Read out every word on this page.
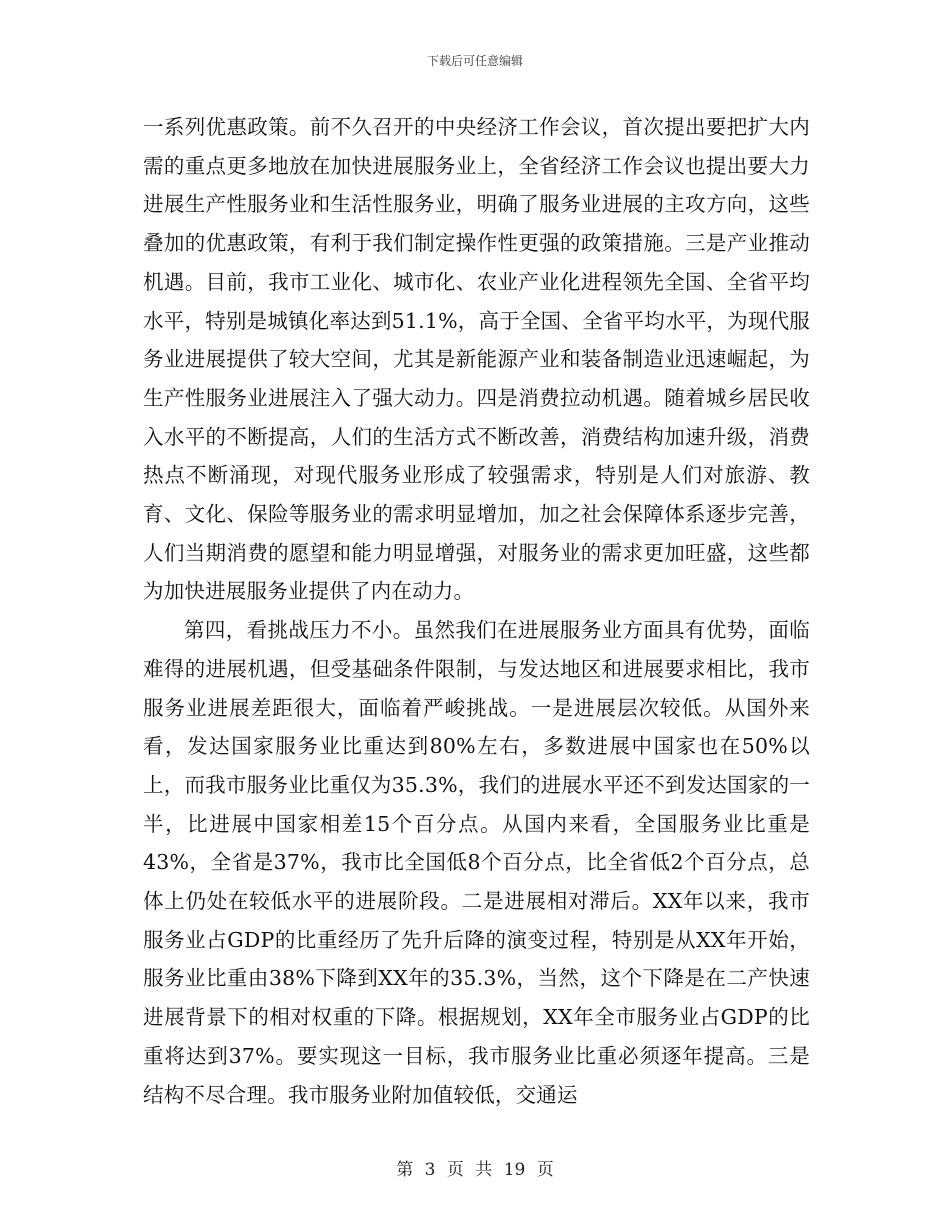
下载后可任意编辑

一系列优惠政策。前不久召开的中央经济工作会议，首次提出要把扩大内需的重点更多地放在加快进展服务业上，全省经济工作会议也提出要大力进展生产性服务业和生活性服务业，明确了服务业进展的主攻方向，这些叠加的优惠政策，有利于我们制定操作性更强的政策措施。三是产业推动机遇。目前，我市工业化、城市化、农业产业化进程领先全国、全省平均水平，特别是城镇化率达到51.1%，高于全国、全省平均水平，为现代服务业进展提供了较大空间，尤其是新能源产业和装备制造业迅速崛起，为生产性服务业进展注入了强大动力。四是消费拉动机遇。随着城乡居民收入水平的不断提高，人们的生活方式不断改善，消费结构加速升级，消费热点不断涌现，对现代服务业形成了较强需求，特别是人们对旅游、教育、文化、保险等服务业的需求明显增加，加之社会保障体系逐步完善，人们当期消费的愿望和能力明显增强，对服务业的需求更加旺盛，这些都为加快进展服务业提供了内在动力。

第四，看挑战压力不小。虽然我们在进展服务业方面具有优势，面临难得的进展机遇，但受基础条件限制，与发达地区和进展要求相比，我市服务业进展差距很大，面临着严峻挑战。一是进展层次较低。从国外来看，发达国家服务业比重达到80%左右，多数进展中国家也在50%以上，而我市服务业比重仅为35.3%，我们的进展水平还不到发达国家的一半，比进展中国家相差15个百分点。从国内来看，全国服务业比重是43%，全省是37%，我市比全国低8个百分点，比全省低2个百分点，总体上仍处在较低水平的进展阶段。二是进展相对滞后。XX年以来，我市服务业占GDP的比重经历了先升后降的演变过程，特别是从XX年开始，服务业比重由38%下降到XX年的35.3%，当然，这个下降是在二产快速进展背景下的相对权重的下降。根据规划，XX年全市服务业占GDP的比重将达到37%。要实现这一目标，我市服务业比重必须逐年提高。三是结构不尽合理。我市服务业附加值较低，交通运

第 3 页 共 19 页
